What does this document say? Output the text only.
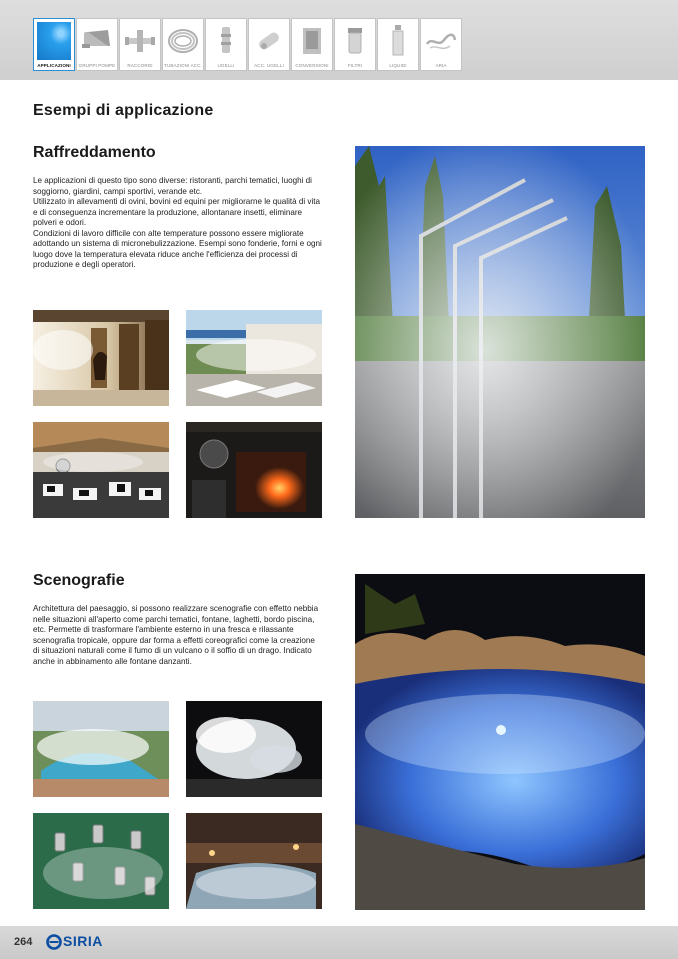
APPLICAZIONI	GRUPPI POMPE	RACCORDI	TUBAZIONI ACC.	UGELLI	ACC. UGELLI	CONVERSIONI	FILTRI	LIQUIDI	ARIA
Esempi di applicazione
Raffreddamento

Le applicazioni di questo tipo sono diverse: ristoranti, parchi tematici, luoghi di soggiorno, giardini, campi sportivi, verande etc.

Utilizzato in allevamenti di ovini, bovini ed equini per migliorarne le qualità di vita e di conseguenza incrementare la produzione, allontanare insetti, eliminare polveri e odori.

Condizioni di lavoro difficile con alte temperature possono essere migliorate adottando un sistema di micronebulizzazione. Esempi sono fonderie, forni e ogni luogo dove la temperatura elevata riduce anche l'efficienza dei processi di produzione e degli operatori.

Scenografie

Architettura del paesaggio, si possono realizzare scenografie con effetto nebbia nelle situazioni all'aperto come parchi tematici, fontane, laghetti, bordo piscina, etc. Permette di trasformare l'ambiente esterno in una fresca e rilassante scenografia tropicale, oppure dar forma a effetti coreografici come la creazione di situazioni naturali come il fumo di un vulcano o il soffio di un drago. Indicato anche in abbinamento alle fontane danzanti.

264 SIRIA
